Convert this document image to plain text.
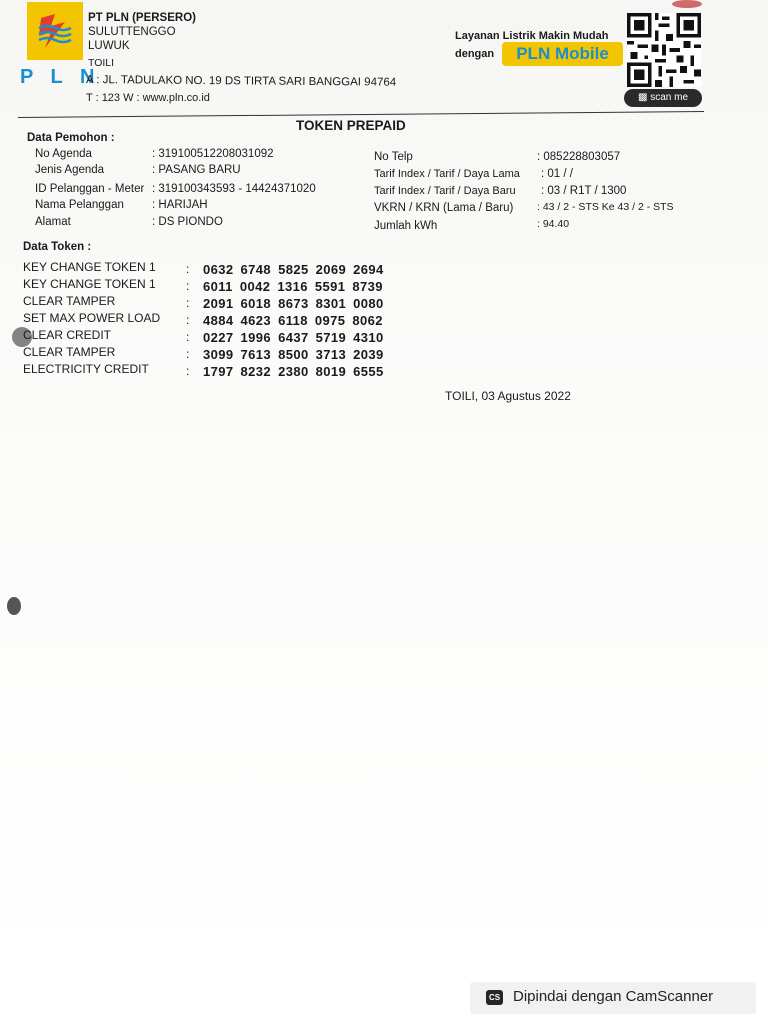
P L N
PT PLN (PERSERO)
SULUTTENGGO
LUWUK
TOILI
A : JL. TADULAKO NO. 19 DS TIRTA SARI BANGGAI 94764
T : 123 W : www.pln.co.id
Layanan Listrik Makin Mudah
dengan	PLN Mobile
▩ scan me
TOKEN PREPAID
Data Pemohon :
No Agenda	: 319100512208031092
Jenis Agenda	: PASANG BARU
ID Pelanggan - Meter : 319100343593 - 14424371020
Nama Pelanggan : HARIJAH
Alamat	: DS PIONDO
No Telp	: 085228803057
Tarif Index / Tarif / Daya Lama : 01 / /
Tarif Index / Tarif / Daya Baru : 03 / R1T / 1300
VKRN / KRN (Lama / Baru) : 43 / 2 - STS Ke 43 / 2 - STS
Jumlah kWh	: 94.40
Data Token :
KEY CHANGE TOKEN 1	: 0632 6748 5825 2069 2694
KEY CHANGE TOKEN 1	: 6011 0042 1316 5591 8739
CLEAR TAMPER	: 2091 6018 8673 8301 0080
SET MAX POWER LOAD : 4884 4623 6118 0975 8062
CLEAR CREDIT	: 0227 1996 6437 5719 4310
CLEAR TAMPER	: 3099 7613 8500 3713 2039
ELECTRICITY CREDIT	: 1797 8232 2380 8019 6555
TOILI, 03 Agustus 2022
CS Dipindai dengan CamScanner
